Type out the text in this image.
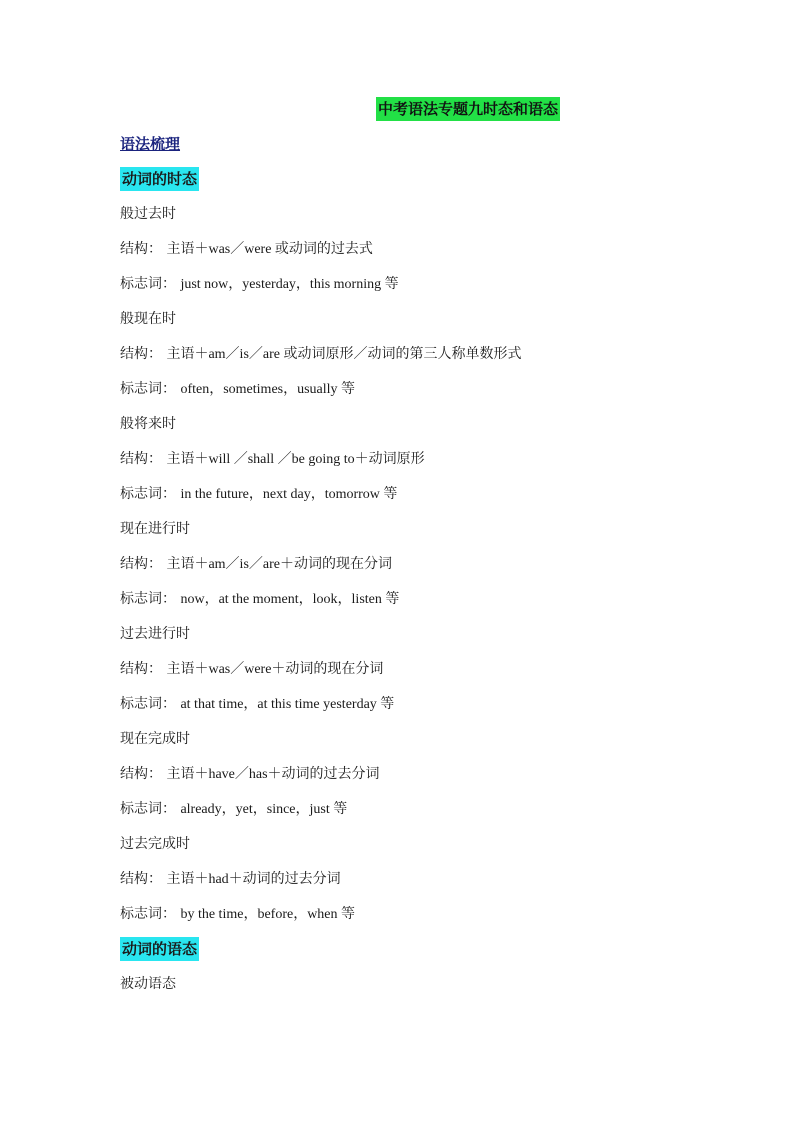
中考语法专题九时态和语态
语法梳理
动词的时态
般过去时
结构： 主语＋was／were 或动词的过去式
标志词： just now，yesterday，this morning 等
般现在时
结构： 主语＋am／is／are 或动词原形／动词的第三人称单数形式
标志词： often，sometimes，usually 等
般将来时
结构： 主语＋will ／shall ／be going to＋动词原形
标志词： in the future，next day，tomorrow 等
现在进行时
结构： 主语＋am／is／are＋动词的现在分词
标志词： now，at the moment，look，listen 等
过去进行时
结构： 主语＋was／were＋动词的现在分词
标志词： at that time，at this time yesterday 等
现在完成时
结构： 主语＋have／has＋动词的过去分词
标志词： already，yet，since，just 等
过去完成时
结构： 主语＋had＋动词的过去分词
标志词： by the time，before，when 等
动词的语态
被动语态
